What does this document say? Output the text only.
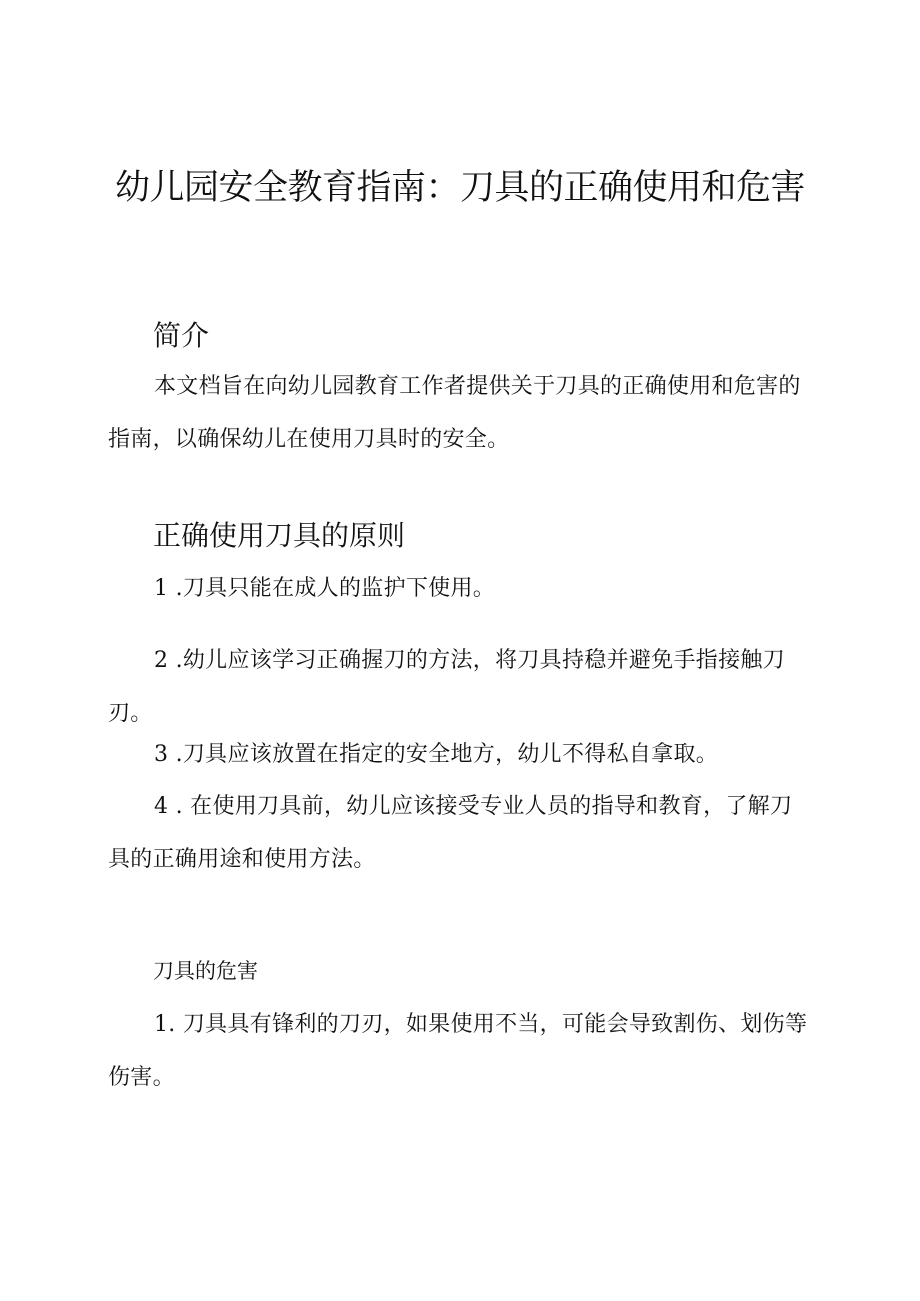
幼儿园安全教育指南：刀具的正确使用和危害
简介

本文档旨在向幼儿园教育工作者提供关于刀具的正确使用和危害的指南，以确保幼儿在使用刀具时的安全。

正确使用刀具的原则

1 .刀具只能在成人的监护下使用。

2 .幼儿应该学习正确握刀的方法，将刀具持稳并避免手指接触刀刃。

3 .刀具应该放置在指定的安全地方，幼儿不得私自拿取。

4 . 在使用刀具前，幼儿应该接受专业人员的指导和教育，了解刀具的正确用途和使用方法。

刀具的危害

1. 刀具具有锋利的刀刃，如果使用不当，可能会导致割伤、划伤等伤害。
